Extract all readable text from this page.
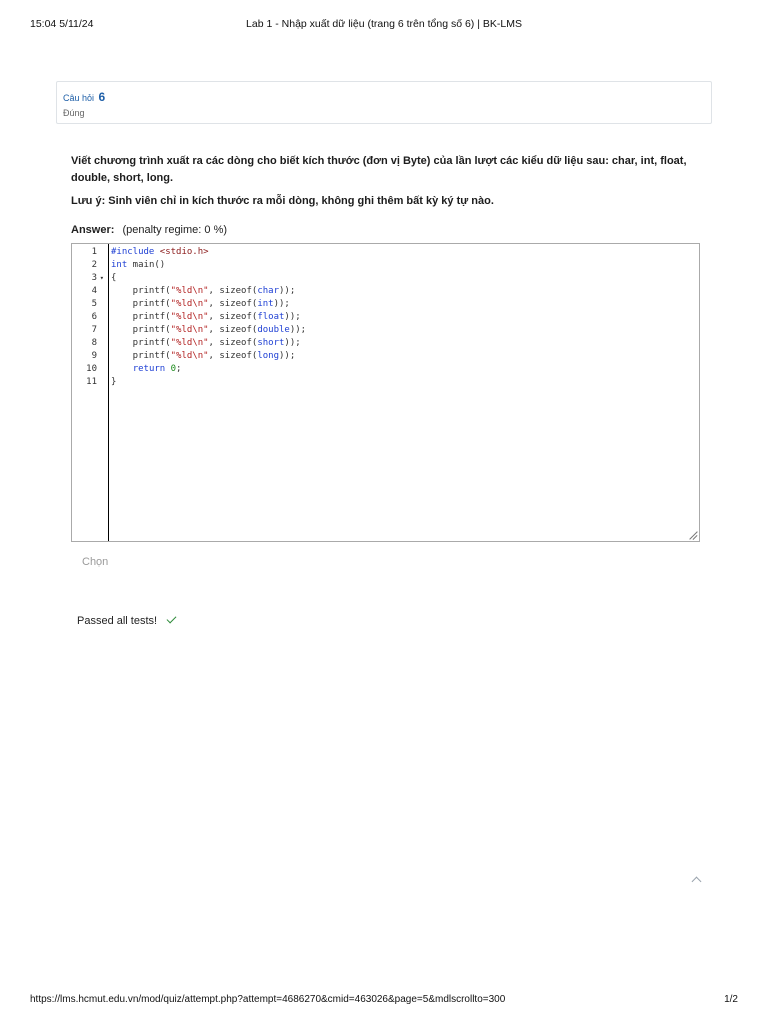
15:04 5/11/24	Lab 1 - Nhập xuất dữ liệu (trang 6 trên tổng số 6) | BK-LMS
Câu hỏi 6
Đúng

Viết chương trình xuất ra các dòng cho biết kích thước (đơn vị Byte) của lần lượt các kiểu dữ liệu sau: char, int, float, double, short, long.

Lưu ý: Sinh viên chỉ in kích thước ra mỗi dòng, không ghi thêm bất kỳ ký tự nào.

Answer: (penalty regime: 0 %)
1
2
3 ▾
4
5
6
7
8
9
10
11
#include <stdio.h>
int main()
{
printf("%ld\n", sizeof(char));
printf("%ld\n", sizeof(int));
printf("%ld\n", sizeof(float));
printf("%ld\n", sizeof(double));
printf("%ld\n", sizeof(short));
printf("%ld\n", sizeof(long));
return 0;
}
Chọn
Passed all tests!
https://lms.hcmut.edu.vn/mod/quiz/attempt.php?attempt=4686270&cmid=463026&page=5&mdlscrollto=300	1/2
